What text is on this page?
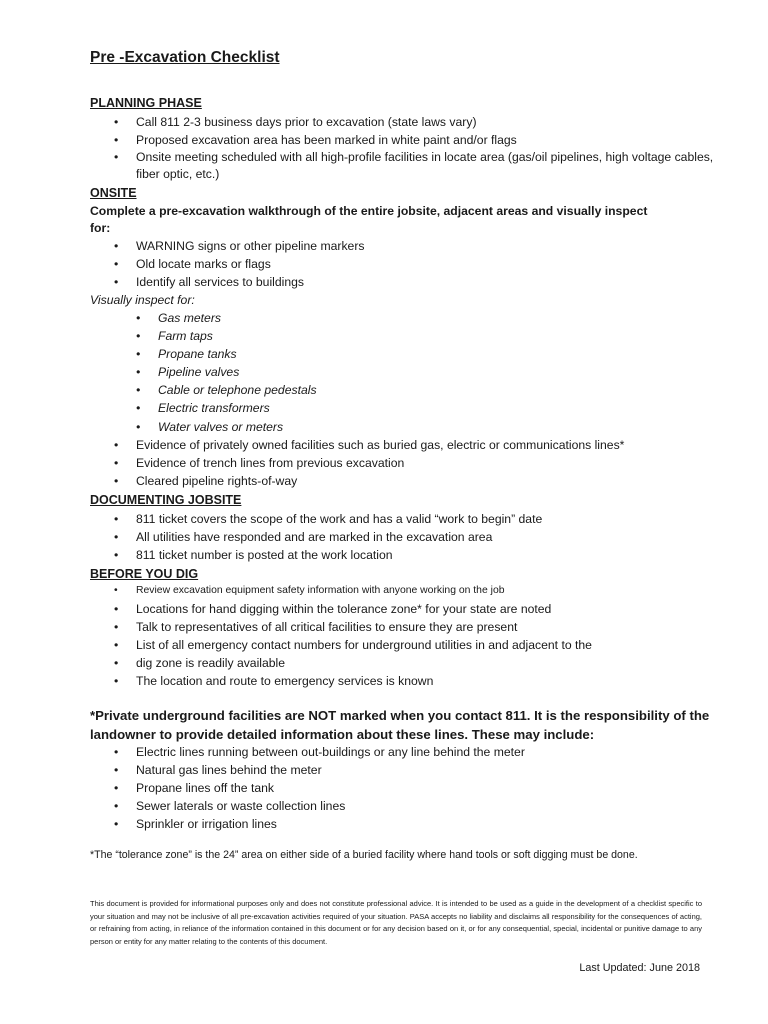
Pre -Excavation Checklist
PLANNING PHASE
• Call 811 2-3 business days prior to excavation (state laws vary)
• Proposed excavation area has been marked in white paint and/or flags
• Onsite meeting scheduled with all high-profile facilities in locate area (gas/oil pipelines, high voltage cables, fiber optic, etc.)
ONSITE

Complete a pre-excavation walkthrough of the entire jobsite, adjacent areas and visually inspect for:

• WARNING signs or other pipeline markers
• Old locate marks or flags
• Identify all services to buildings

Visually inspect for:

• Gas meters
• Farm taps
• Propane tanks
• Pipeline valves
• Cable or telephone pedestals
• Electric transformers
• Water valves or meters
• Evidence of privately owned facilities such as buried gas, electric or communications lines*
• Evidence of trench lines from previous excavation
• Cleared pipeline rights-of-way
DOCUMENTING JOBSITE
• 811 ticket covers the scope of the work and has a valid “work to begin” date
• All utilities have responded and are marked in the excavation area
• 811 ticket number is posted at the work location
BEFORE YOU DIG
• Review excavation equipment safety information with anyone working on the job
• Locations for hand digging within the tolerance zone* for your state are noted
• Talk to representatives of all critical facilities to ensure they are present
• List of all emergency contact numbers for underground utilities in and adjacent to the
• dig zone is readily available
• The location and route to emergency services is known

*Private underground facilities are NOT marked when you contact 811. It is the responsibility of the landowner to provide detailed information about these lines. These may include:

• Electric lines running between out-buildings or any line behind the meter
• Natural gas lines behind the meter
• Propane lines off the tank
• Sewer laterals or waste collection lines
• Sprinkler or irrigation lines

*The “tolerance zone” is the 24” area on either side of a buried facility where hand tools or soft digging must be done.

This document is provided for informational purposes only and does not constitute professional advice. It is intended to be used as a guide in the development of a checklist specific to your situation and may not be inclusive of all pre-excavation activities required of your situation. PASA accepts no liability and disclaims all responsibility for the consequences of acting, or refraining from acting, in reliance of the information contained in this document or for any decision based on it, or for any consequential, special, incidental or punitive damage to any person or entity for any matter relating to the contents of this document.

Last Updated: June 2018
